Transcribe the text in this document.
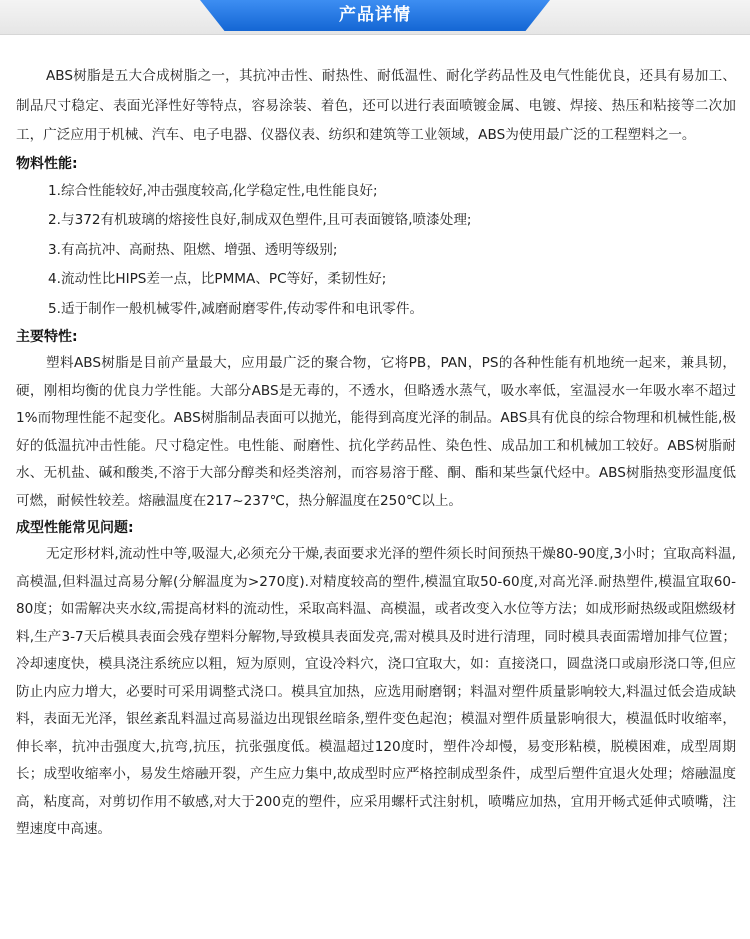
产品详情

ABS树脂是五大合成树脂之一，其抗冲击性、耐热性、耐低温性、耐化学药品性及电气性能优良，还具有易加工、制品尺寸稳定、表面光泽性好等特点，容易涂装、着色，还可以进行表面喷镀金属、电镀、焊接、热压和粘接等二次加工，广泛应用于机械、汽车、电子电器、仪器仪表、纺织和建筑等工业领域，ABS为使用最广泛的工程塑料之一。

物料性能:

1.综合性能较好,冲击强度较高,化学稳定性,电性能良好;

2.与372有机玻璃的熔接性良好,制成双色塑件,且可表面镀铬,喷漆处理;

3.有高抗冲、高耐热、阻燃、增强、透明等级别;

4.流动性比HIPS差一点，比PMMA、PC等好，柔韧性好;

5.适于制作一般机械零件,减磨耐磨零件,传动零件和电讯零件。

主要特性:

塑料ABS树脂是目前产量最大，应用最广泛的聚合物，它将PB，PAN，PS的各种性能有机地统一起来，兼具韧，硬，刚相均衡的优良力学性能。大部分ABS是无毒的，不透水，但略透水蒸气，吸水率低，室温浸水一年吸水率不超过1%而物理性能不起变化。ABS树脂制品表面可以抛光，能得到高度光泽的制品。ABS具有优良的综合物理和机械性能,极好的低温抗冲击性能。尺寸稳定性。电性能、耐磨性、抗化学药品性、染色性、成品加工和机械加工较好。ABS树脂耐水、无机盐、碱和酸类,不溶于大部分醇类和烃类溶剂，而容易溶于醛、酮、酯和某些氯代烃中。ABS树脂热变形温度低可燃，耐候性较差。熔融温度在217~237℃，热分解温度在250℃以上。

成型性能常见问题:

无定形材料,流动性中等,吸湿大,必须充分干燥,表面要求光泽的塑件须长时间预热干燥80-90度,3小时；宜取高料温,高模温,但料温过高易分解(分解温度为>270度).对精度较高的塑件,模温宜取50-60度,对高光泽.耐热塑件,模温宜取60-80度；如需解决夹水纹,需提高材料的流动性，采取高料温、高模温，或者改变入水位等方法；如成形耐热级或阻燃级材料,生产3-7天后模具表面会残存塑料分解物,导致模具表面发亮,需对模具及时进行清理，同时模具表面需增加排气位置；冷却速度快，模具浇注系统应以粗，短为原则，宜设冷料穴，浇口宜取大，如：直接浇口，圆盘浇口或扇形浇口等,但应防止内应力增大，必要时可采用调整式浇口。模具宜加热，应选用耐磨钢；料温对塑件质量影响较大,料温过低会造成缺料，表面无光泽，银丝紊乱料温过高易溢边出现银丝暗条,塑件变色起泡；模温对塑件质量影响很大，模温低时收缩率，伸长率，抗冲击强度大,抗弯,抗压，抗张强度低。模温超过120度时，塑件冷却慢，易变形粘模，脱模困难，成型周期长；成型收缩率小，易发生熔融开裂，产生应力集中,故成型时应严格控制成型条件，成型后塑件宜退火处理；熔融温度高，粘度高，对剪切作用不敏感,对大于200克的塑件，应采用螺杆式注射机，喷嘴应加热，宜用开畅式延伸式喷嘴，注塑速度中高速。
